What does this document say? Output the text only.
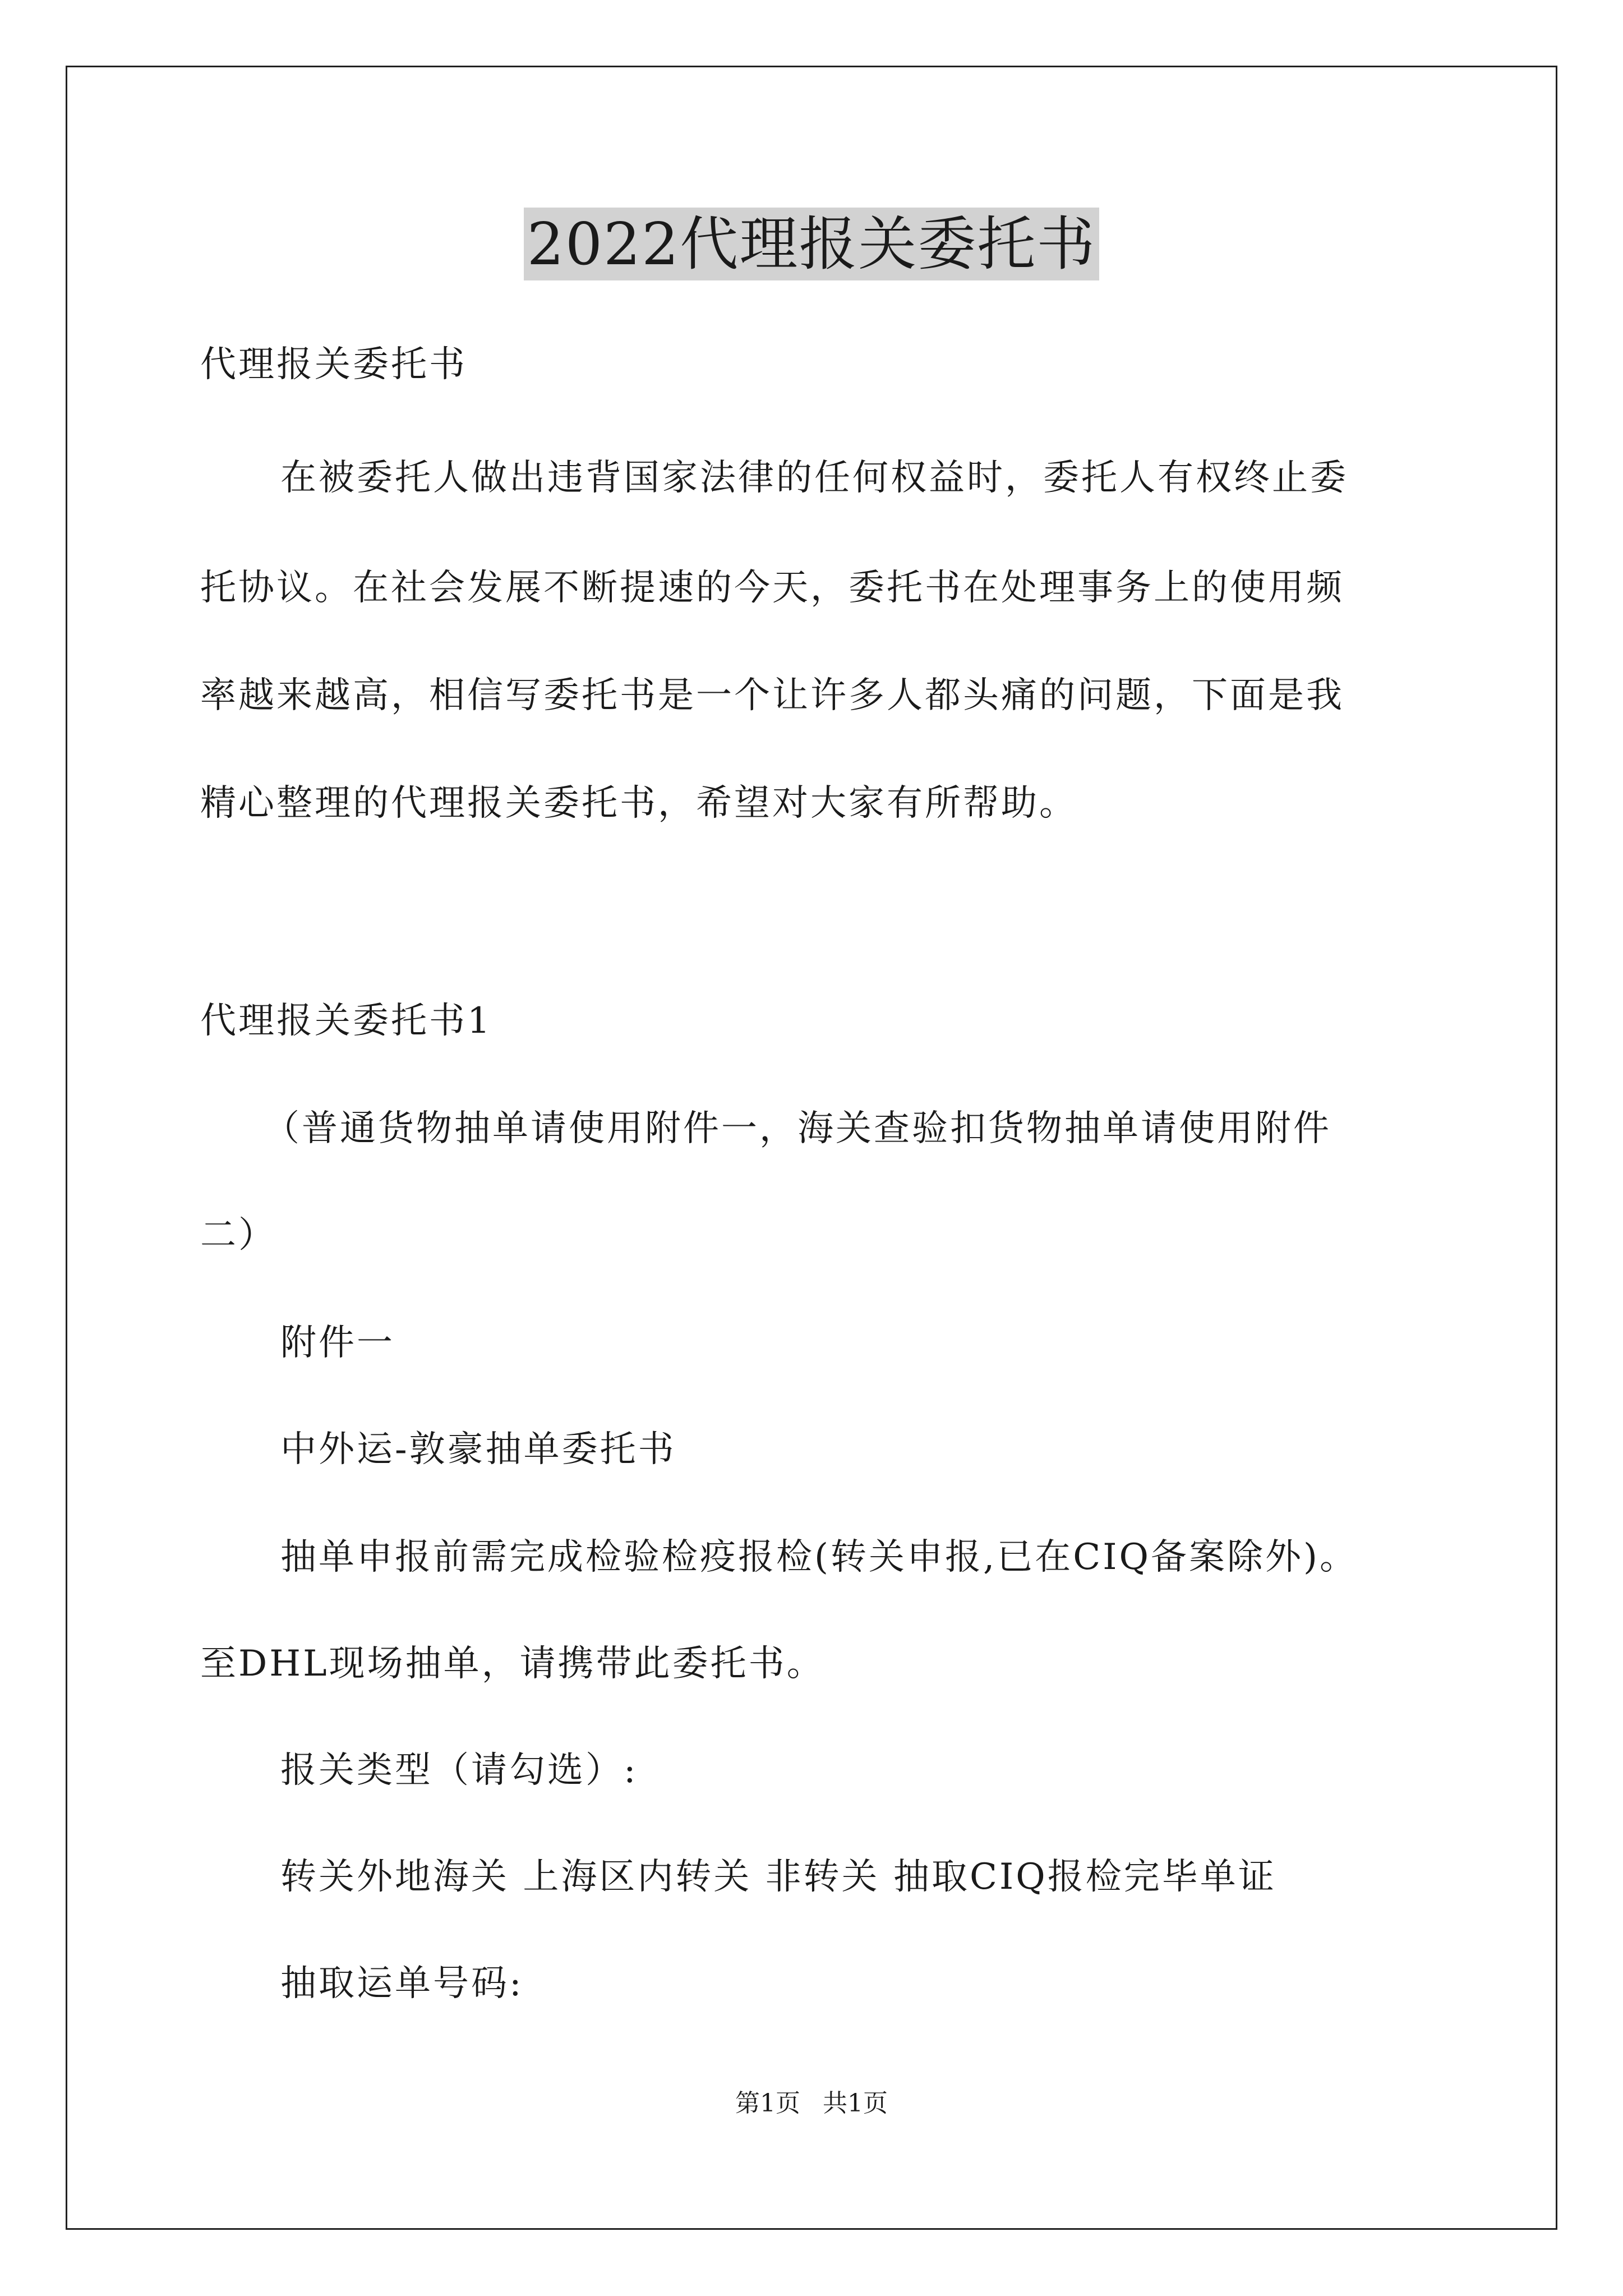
2022代理报关委托书
代理报关委托书
在被委托人做出违背国家法律的任何权益时，委托人有权终止委
托协议。在社会发展不断提速的今天，委托书在处理事务上的使用频
率越来越高，相信写委托书是一个让许多人都头痛的问题，下面是我
精心整理的代理报关委托书，希望对大家有所帮助。
代理报关委托书1
（普通货物抽单请使用附件一，海关查验扣货物抽单请使用附件
二）
附件一
中外运-敦豪抽单委托书
抽单申报前需完成检验检疫报检(转关申报,已在CIQ备案除外)。
至DHL现场抽单，请携带此委托书。
报关类型（请勾选）:
转关外地海关 上海区内转关 非转关 抽取CIQ报检完毕单证
抽取运单号码:
第1页 共1页
